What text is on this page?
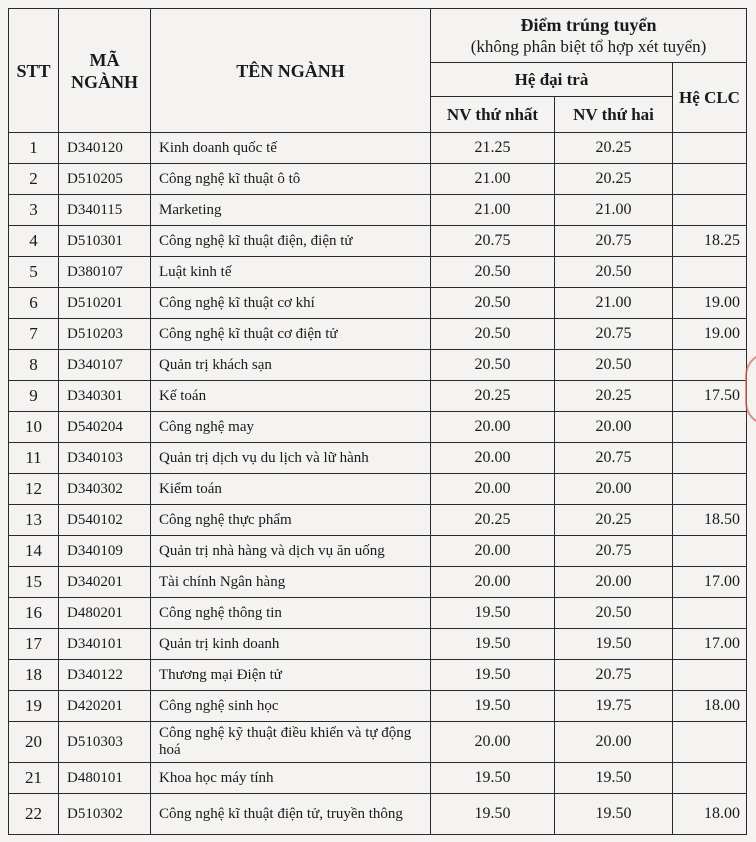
STT	MÃ NGÀNH	TÊN NGÀNH	Điểm trúng tuyển
(không phân biệt tổ hợp xét tuyển)		

			Hệ đại trà		Hệ CLC
			NV thứ nhất	NV thứ hai	
1	D340120	Kinh doanh quốc tế	21.25	20.25	
2	D510205	Công nghệ kĩ thuật ô tô	21.00	20.25	
3	D340115	Marketing	21.00	21.00	
4	D510301	Công nghệ kĩ thuật điện, điện tử	20.75	20.75	18.25
5	D380107	Luật kinh tế	20.50	20.50	
6	D510201	Công nghệ kĩ thuật cơ khí	20.50	21.00	19.00
7	D510203	Công nghệ kĩ thuật cơ điện tử	20.50	20.75	19.00
8	D340107	Quản trị khách sạn	20.50	20.50	
9	D340301	Kế toán	20.25	20.25	17.50
10	D540204	Công nghệ may	20.00	20.00	
11	D340103	Quản trị dịch vụ du lịch và lữ hành	20.00	20.75	
12	D340302	Kiểm toán	20.00	20.00	
13	D540102	Công nghệ thực phẩm	20.25	20.25	18.50
14	D340109	Quản trị nhà hàng và dịch vụ ăn uống	20.00	20.75	
15	D340201	Tài chính Ngân hàng	20.00	20.00	17.00
16	D480201	Công nghệ thông tin	19.50	20.50	
17	D340101	Quản trị kinh doanh	19.50	19.50	17.00
18	D340122	Thương mại Điện tử	19.50	20.75	
19	D420201	Công nghệ sinh học	19.50	19.75	18.00
20	D510303	Công nghệ kỹ thuật điều khiển và tự động hoá	20.00	20.00	
21	D480101	Khoa học máy tính	19.50	19.50	
22	D510302	Công nghệ kĩ thuật điện tử, truyền thông	19.50	19.50	18.00
